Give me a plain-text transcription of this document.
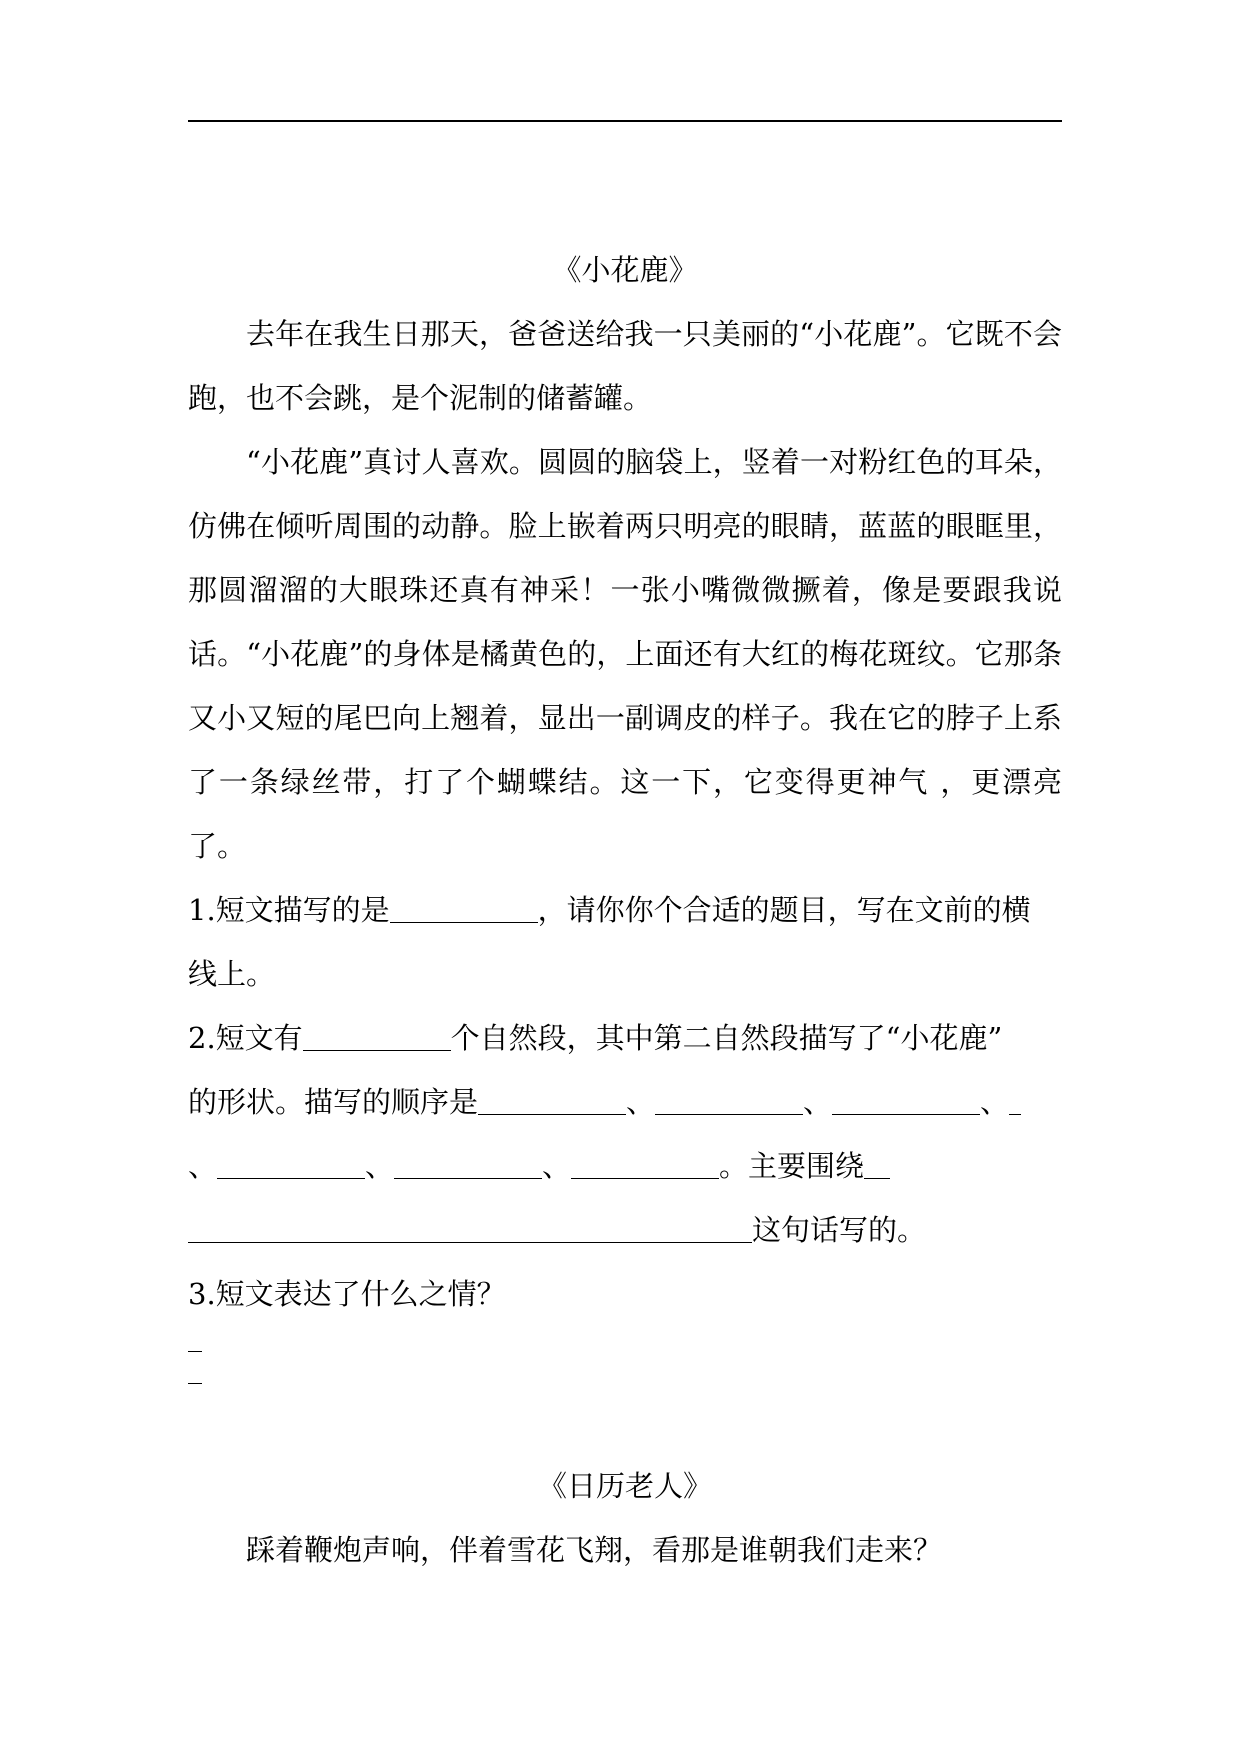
《小花鹿》

去年在我生日那天，爸爸送给我一只美丽的“小花鹿”。它既不会跑，也不会跳，是个泥制的储蓄罐。

“小花鹿”真讨人喜欢。圆圆的脑袋上，竖着一对粉红色的耳朵，仿佛在倾听周围的动静。脸上嵌着两只明亮的眼睛，蓝蓝的眼眶里，那圆溜溜的大眼珠还真有神采！一张小嘴微微撅着，像是要跟我说话。“小花鹿”的身体是橘黄色的，上面还有大红的梅花斑纹。它那条又小又短的尾巴向上翘着，显出一副调皮的样子。我在它的脖子上系了一条绿丝带，打了个蝴蝶结。这一下，它变得更神气 ，更漂亮了。

1.短文描写的是	，请你你个合适的题目，写在文前的横

线上。

2.短文有	个自然段，其中第二自然段描写了“小花鹿”

的形状。描写的顺序是	、	、	、

、	、	、	。主要围绕

这句话写的。

3.短文表达了什么之情？

《日历老人》

踩着鞭炮声响，伴着雪花飞翔，看那是谁朝我们走来？
